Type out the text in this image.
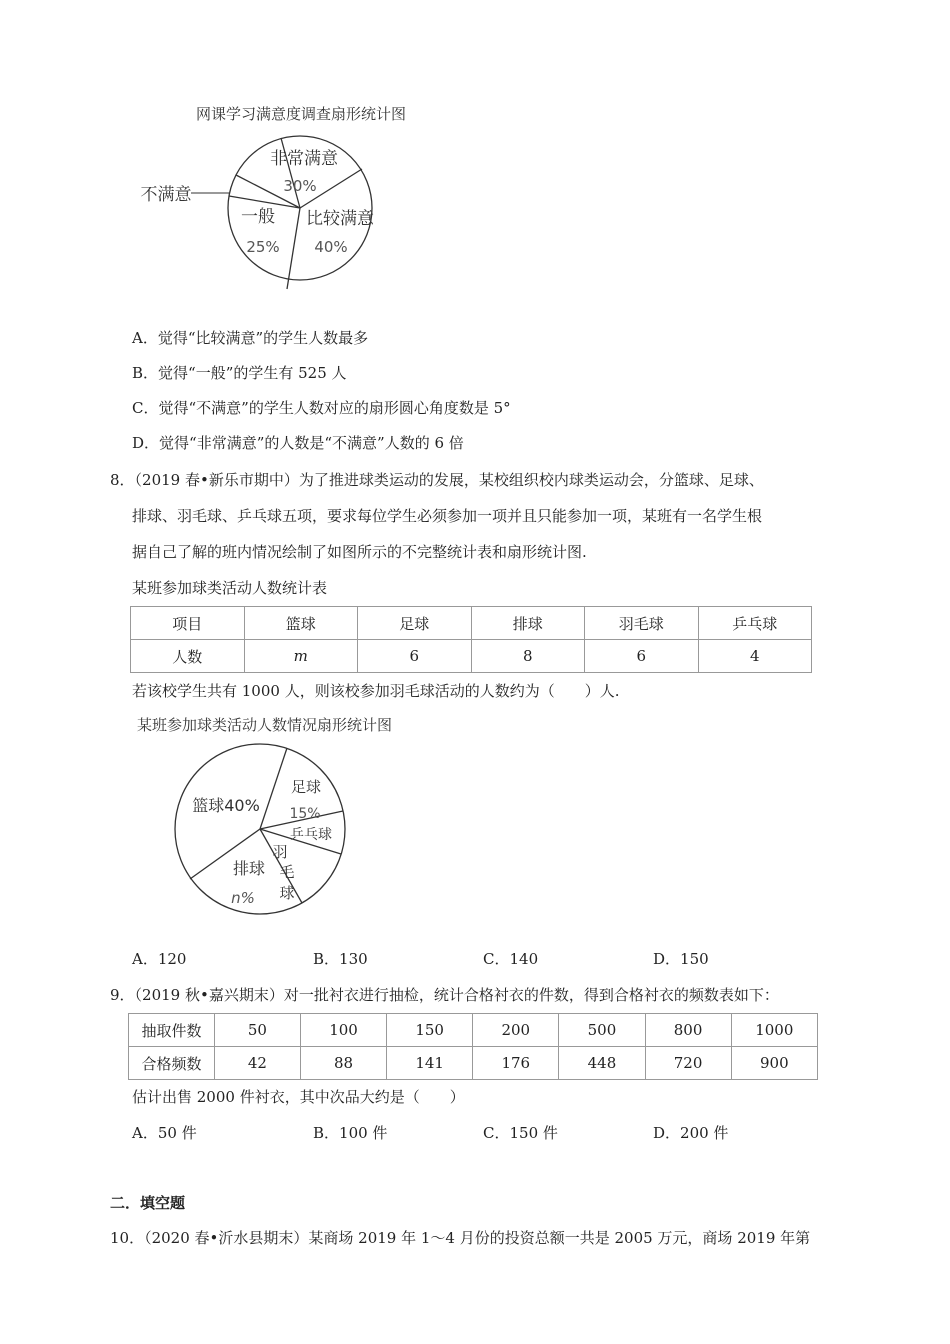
网课学习满意度调查扇形统计图
非常满意
30%
比较满意
40%
一般
25%
不满意
A．觉得“比较满意”的学生人数最多
B．觉得“一般”的学生有 525 人
C．觉得“不满意”的学生人数对应的扇形圆心角度数是 5°
D．觉得“非常满意”的人数是“不满意”人数的 6 倍
8．（2019 春•新乐市期中）为了推进球类运动的发展，某校组织校内球类运动会，分篮球、足球、
排球、羽毛球、乒乓球五项，要求每位学生必须参加一项并且只能参加一项，某班有一名学生根
据自己了解的班内情况绘制了如图所示的不完整统计表和扇形统计图.
某班参加球类活动人数统计表
项目	篮球	足球	排球	羽毛球	乒乓球
人数	m	6	8	6	4
若该校学生共有 1000 人，则该校参加羽毛球活动的人数约为（　　）人.
某班参加球类活动人数情况扇形统计图
篮球40%
足球
15%
乒乓球
羽
毛
球
排球
n%
A．120	B．130	C．140	D．150
9．（2019 秋•嘉兴期末）对一批衬衣进行抽检，统计合格衬衣的件数，得到合格衬衣的频数表如下：
抽取件数	50	100	150	200	500	800	1000
合格频数	42	88	141	176	448	720	900
估计出售 2000 件衬衣，其中次品大约是（　　）
A．50 件	B．100 件	C．150 件	D．200 件
二．填空题
10．（2020 春•沂水县期末）某商场 2019 年 1～4 月份的投资总额一共是 2005 万元，商场 2019 年第
